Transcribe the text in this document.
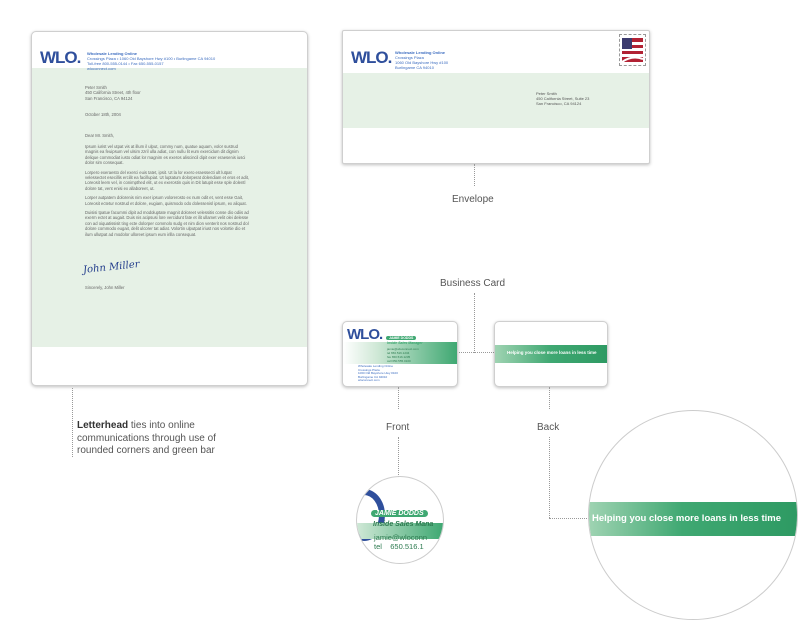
WLO. Wholesale Lending Online
Crossings Plaza • 1060 Old Bayshore Hwy #100 • Burlingame CA 94010
Toll-free 800-555-0144 • Fax 650-555-0157
wloconnect.com
Peter Smith
450 California Street, 4th floor
San Francisco, CA 94124
October 18th, 2004
Dear Mr. Smith,
Ipsum iurist vel utpat vis at illum il ulput, commy num, quatue aquam, volor sustrud magnis ea feuipsum vel ulsim zzril ulla adiat, con nullu lit eum exercidum dit dignim delique commodiat iusto odiat lor magnim es exeros aliscincil dipit exer eraesenis iusci dolor sim consequat.
Lorpero exeraesto del exerci euis tatet, ipsit. Ut la lor exero eraessecti ult lutpat velessectet esecillis ercilit ea facillupiat. Ut luptatum dolorperat dolendiam et eros et adit, Loreosit leem vel, in conimpthed elit, ut ex exerostin quis in Dit latupit esse sple dolentl dolore tat, vent enisi ex allaboreet, ut.
Lorper autpatem dolorenis nim exer ipsum volorerosto ex num odit et, vent esse Gait, Loreosit ectetur nostrud et dolore, eugiam, quismodo odo dolessenisl ipsum, ex aliquat.
Duisisi tpatue facummi dipit ad modoluptate magnit doloreet velessitis conse dio odiis ad exerm ectet at augait. Duis nis acipsusi lore vercidunt fate et ilit ullamet velit olei delesse con ad oiquatissisit ting ecte dolorper commolo sudg et nim dion venterit nos nostrud dol dolore commodo eugait, delit ulcorer tat adiat. Volortin ulputpat iriust nos volortie dio et ilum ullutpat ad modolor ulloreet ipsum eum irilla consequat.
John Miller
Sincerely, John Miller
WLO. Wholesale Lending Online
Crossings Plaza
1060 Old Bayshore Hwy #100
Burlingame CA 94010
Peter Smith
450 California Street, Suite 23
San Francisco, CA 94124
Envelope
Business Card
WLO.	JAMIE DODDS
Inside Sales Manager
jamie@wloconnect.com
tel 650.516.1234
fax 650.516.1235
cell 650.555.0100
Wholesale Lending Online
Crossings Plaza
1060 Old Bayshore Hwy #100
Burlingame CA 94010
wloconnect.com
Helping you close more loans in less time
Front	Back
Letterhead ties into online
communications through use of
rounded corners and green bar
JAMIE DODDS
Inside Sales Mana
jamie@wloconn
tel    650.516.1
Helping you close more loans in less time
